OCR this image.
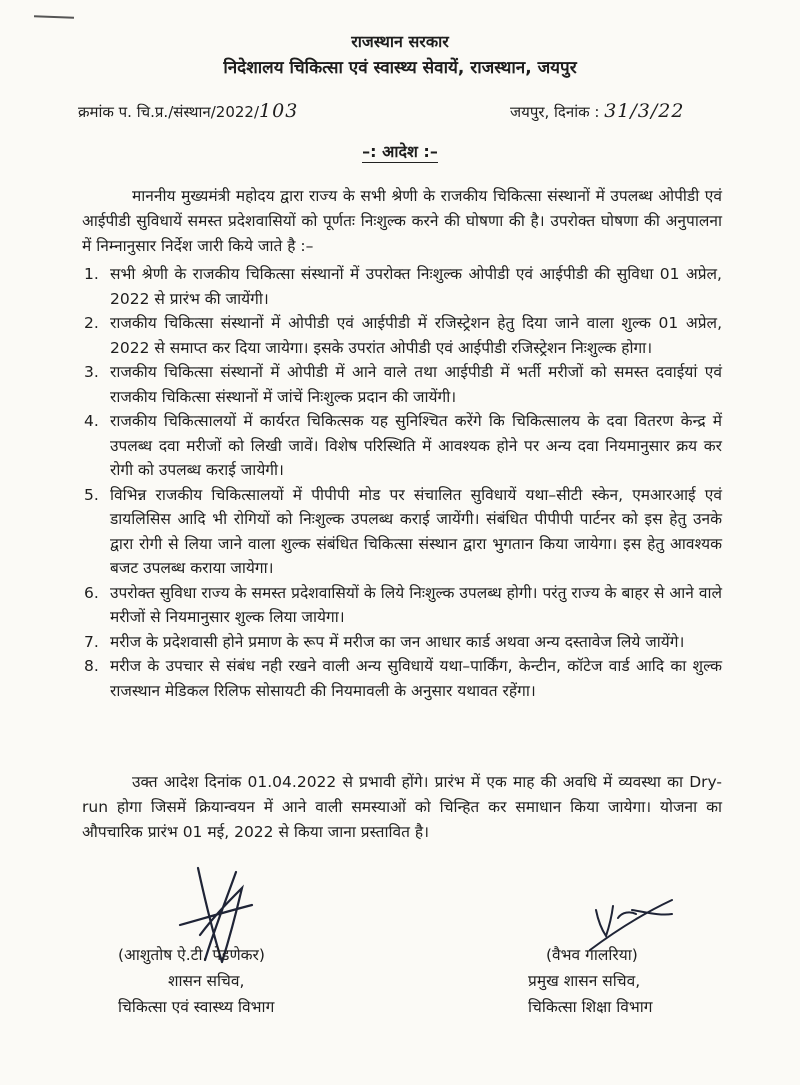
राजस्थान सरकार
निदेशालय चिकित्सा एवं स्वास्थ्य सेवायें, राजस्थान, जयपुर
क्रमांक प. चि.प्र./संस्थान/2022/103	जयपुर, दिनांक : 31/3/22
–: आदेश :–

माननीय मुख्यमंत्री महोदय द्वारा राज्य के सभी श्रेणी के राजकीय चिकित्सा संस्थानों में उपलब्ध ओपीडी एवं आईपीडी सुविधायें समस्त प्रदेशवासियों को पूर्णतः निःशुल्क करने की घोषणा की है। उपरोक्त घोषणा की अनुपालना में निम्नानुसार निर्देश जारी किये जाते है :–

1. सभी श्रेणी के राजकीय चिकित्सा संस्थानों में उपरोक्त निःशुल्क ओपीडी एवं आईपीडी की सुविधा 01 अप्रेल, 2022 से प्रारंभ की जायेंगी।
2. राजकीय चिकित्सा संस्थानों में ओपीडी एवं आईपीडी में रजिस्ट्रेशन हेतु दिया जाने वाला शुल्क 01 अप्रेल, 2022 से समाप्त कर दिया जायेगा। इसके उपरांत ओपीडी एवं आईपीडी रजिस्ट्रेशन निःशुल्क होगा।
3. राजकीय चिकित्सा संस्थानों में ओपीडी में आने वाले तथा आईपीडी में भर्ती मरीजों को समस्त दवाईयां एवं राजकीय चिकित्सा संस्थानों में जांचें निःशुल्क प्रदान की जायेंगी।
4. राजकीय चिकित्सालयों में कार्यरत चिकित्सक यह सुनिश्चित करेंगे कि चिकित्सालय के दवा वितरण केन्द्र में उपलब्ध दवा मरीजों को लिखी जावें। विशेष परिस्थिति में आवश्यक होने पर अन्य दवा नियमानुसार क्रय कर रोगी को उपलब्ध कराई जायेगी।
5. विभिन्न राजकीय चिकित्सालयों में पीपीपी मोड पर संचालित सुविधायें यथा–सीटी स्केन, एमआरआई एवं डायलिसिस आदि भी रोगियों को निःशुल्क उपलब्ध कराई जायेंगी। संबंधित पीपीपी पार्टनर को इस हेतु उनके द्वारा रोगी से लिया जाने वाला शुल्क संबंधित चिकित्सा संस्थान द्वारा भुगतान किया जायेगा। इस हेतु आवश्यक बजट उपलब्ध कराया जायेगा।
6. उपरोक्त सुविधा राज्य के समस्त प्रदेशवासियों के लिये निःशुल्क उपलब्ध होगी। परंतु राज्य के बाहर से आने वाले मरीजों से नियमानुसार शुल्क लिया जायेगा।
7. मरीज के प्रदेशवासी होने प्रमाण के रूप में मरीज का जन आधार कार्ड अथवा अन्य दस्तावेज लिये जायेंगे।
8. मरीज के उपचार से संबंध नही रखने वाली अन्य सुविधायें यथा–पार्किंग, केन्टीन, कॉटेज वार्ड आदि का शुल्क राजस्थान मेडिकल रिलिफ सोसायटी की नियमावली के अनुसार यथावत रहेंगा।

उक्त आदेश दिनांक 01.04.2022 से प्रभावी होंगे। प्रारंभ में एक माह की अवधि में व्यवस्था का Dry-run होगा जिसमें क्रियान्वयन में आने वाली समस्याओं को चिन्हित कर समाधान किया जायेगा। योजना का औपचारिक प्रारंभ 01 मई, 2022 से किया जाना प्रस्तावित है।

(आशुतोष ऐ.टी. पेडणेकर)
शासन सचिव,
चिकित्सा एवं स्वास्थ्य विभाग
(वैभव गालरिया)
प्रमुख शासन सचिव,
चिकित्सा शिक्षा विभाग
